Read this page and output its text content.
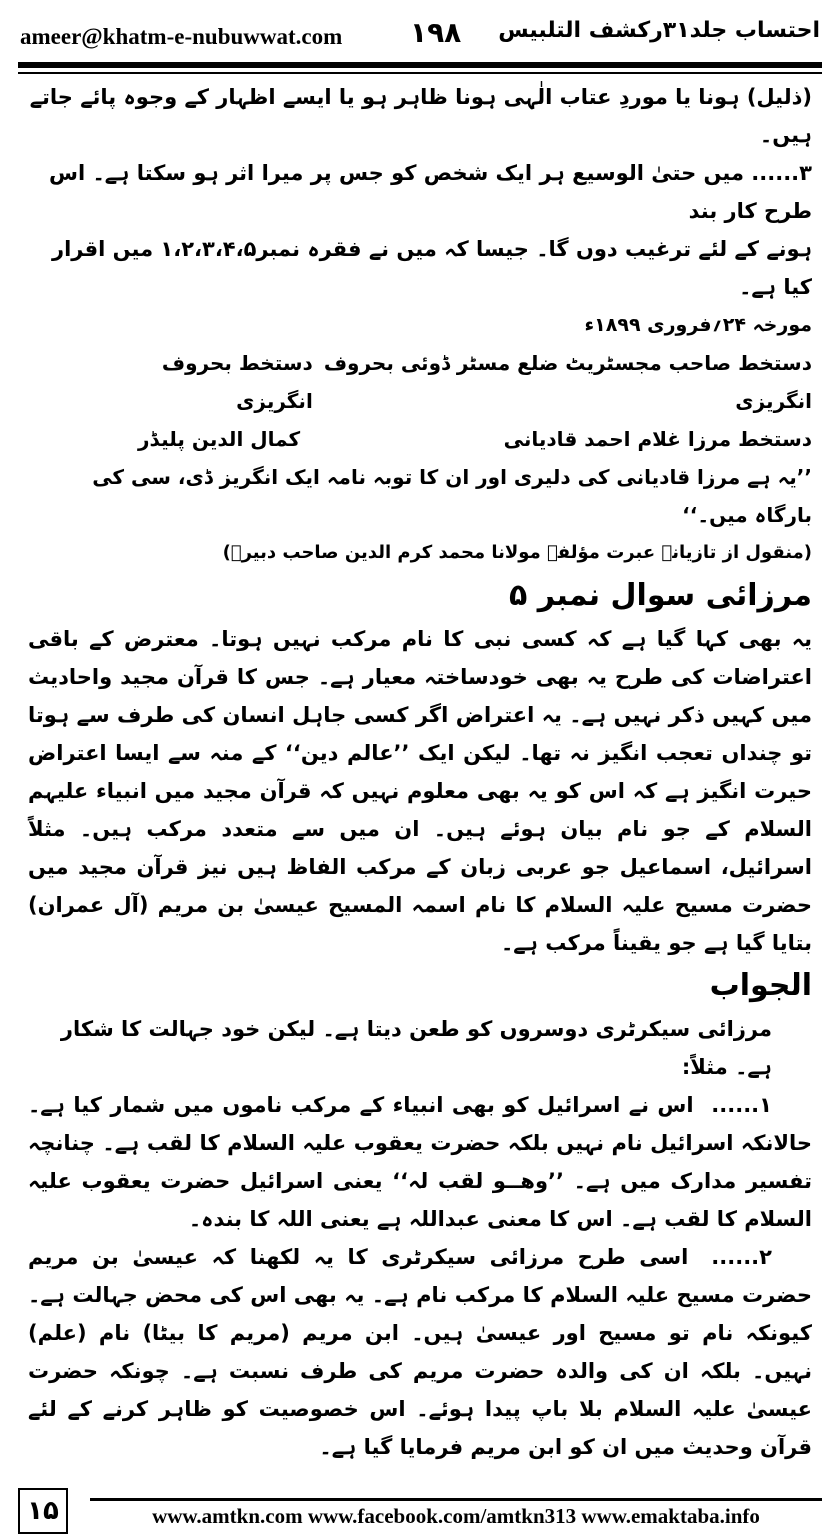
ameer@khatm-e-nubuwwat.com ۱۹۸ احتساب جلد۳۱رکشف التلبیس

(ذلیل) ہونا یا موردِ عتاب الٰہی ہونا ظاہر ہو یا ایسے اظہار کے وجوہ پائے جاتے ہیں۔

۳...... میں حتیٰ الوسیع ہر ایک شخص کو جس پر میرا اثر ہو سکتا ہے۔ اس طرح کار بند

ہونے کے لئے ترغیب دوں گا۔ جیسا کہ میں نے فقرہ نمبر۱،۲،۳،۴،۵ میں اقرار کیا ہے۔

مورخہ ۲۴؍فروری ۱۸۹۹ء

دستخط صاحب مجسٹریٹ ضلع مسٹر ڈوئی بحروف انگریزی
دستخط بحروف انگریزی
دستخط مرزا غلام احمد قادیانی
کمال الدین پلیڈر

’’یہ ہے مرزا قادیانی کی دلیری اور ان کا توبہ نامہ ایک انگریز ڈی، سی کی بارگاہ میں۔‘‘

(منقول از تازیانہ عبرت مؤلفہ مولانا محمد کرم الدین صاحب دبیرؒ)

مرزائی سوال نمبر ۵

یہ بھی کہا گیا ہے کہ کسی نبی کا نام مرکب نہیں ہوتا۔ معترض کے باقی اعتراضات کی طرح یہ بھی خودساختہ معیار ہے۔ جس کا قرآن مجید واحادیث میں کہیں ذکر نہیں ہے۔ یہ اعتراض اگر کسی جاہل انسان کی طرف سے ہوتا تو چنداں تعجب انگیز نہ تھا۔ لیکن ایک ’’عالم دین‘‘ کے منہ سے ایسا اعتراض حیرت انگیز ہے کہ اس کو یہ بھی معلوم نہیں کہ قرآن مجید میں انبیاء علیہم السلام کے جو نام بیان ہوئے ہیں۔ ان میں سے متعدد مرکب ہیں۔ مثلاً اسرائیل، اسماعیل جو عربی زبان کے مرکب الفاظ ہیں نیز قرآن مجید میں حضرت مسیح علیہ السلام کا نام اسمہ المسیح عیسیٰ بن مریم (آل عمران) بتایا گیا ہے جو یقیناً مرکب ہے۔

الجواب

مرزائی سیکرٹری دوسروں کو طعن دیتا ہے۔ لیکن خود جہالت کا شکار ہے۔ مثلاً:

۱...... اس نے اسرائیل کو بھی انبیاء کے مرکب ناموں میں شمار کیا ہے۔ حالانکہ اسرائیل نام نہیں بلکہ حضرت یعقوب علیہ السلام کا لقب ہے۔ چنانچہ تفسیر مدارک میں ہے۔ ’’وھــو لقب لہ‘‘ یعنی اسرائیل حضرت یعقوب علیہ السلام کا لقب ہے۔ اس کا معنی عبداللہ ہے یعنی اللہ کا بندہ۔

۲...... اسی طرح مرزائی سیکرٹری کا یہ لکھنا کہ عیسیٰ بن مریم حضرت مسیح علیہ السلام کا مرکب نام ہے۔ یہ بھی اس کی محض جہالت ہے۔ کیونکہ نام تو مسیح اور عیسیٰ ہیں۔ ابن مریم (مریم کا بیٹا) نام (علم) نہیں۔ بلکہ ان کی والدہ حضرت مریم کی طرف نسبت ہے۔ چونکہ حضرت عیسیٰ علیہ السلام بلا باپ پیدا ہوئے۔ اس خصوصیت کو ظاہر کرنے کے لئے قرآن وحدیث میں ان کو ابن مریم فرمایا گیا ہے۔

۱۵	www.amtkn.com www.facebook.com/amtkn313 www.emaktaba.info
